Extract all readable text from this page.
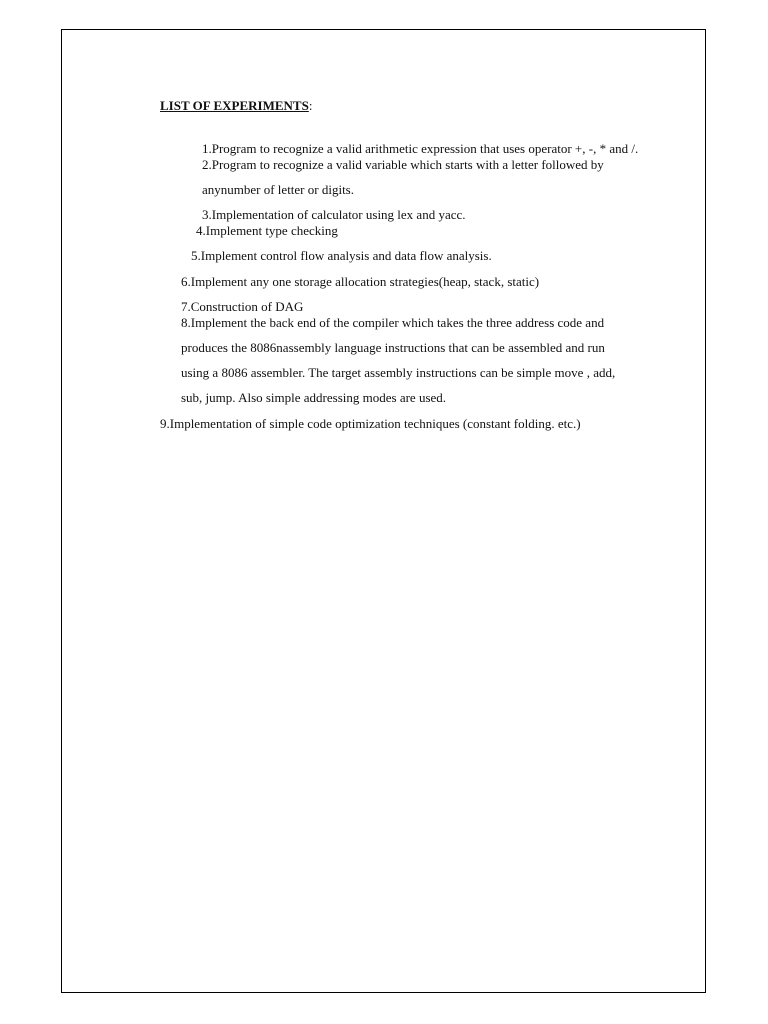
LIST OF EXPERIMENTS:
1.Program to recognize a valid arithmetic expression that uses operator +, -, * and /.
2.Program to recognize a valid variable which starts with a letter followed by
anynumber of letter or digits.
3.Implementation of calculator using lex and yacc.
4.Implement type checking
5.Implement control flow analysis and data flow analysis.
6.Implement any one storage allocation strategies(heap, stack, static)
7.Construction of DAG
8.Implement the back end of the compiler which takes the three address code and
produces the 8086nassembly language instructions that can be assembled and run
using a 8086 assembler. The target assembly instructions can be simple move , add,
sub, jump. Also simple addressing modes are used.
9.Implementation of simple code optimization techniques (constant folding. etc.)
